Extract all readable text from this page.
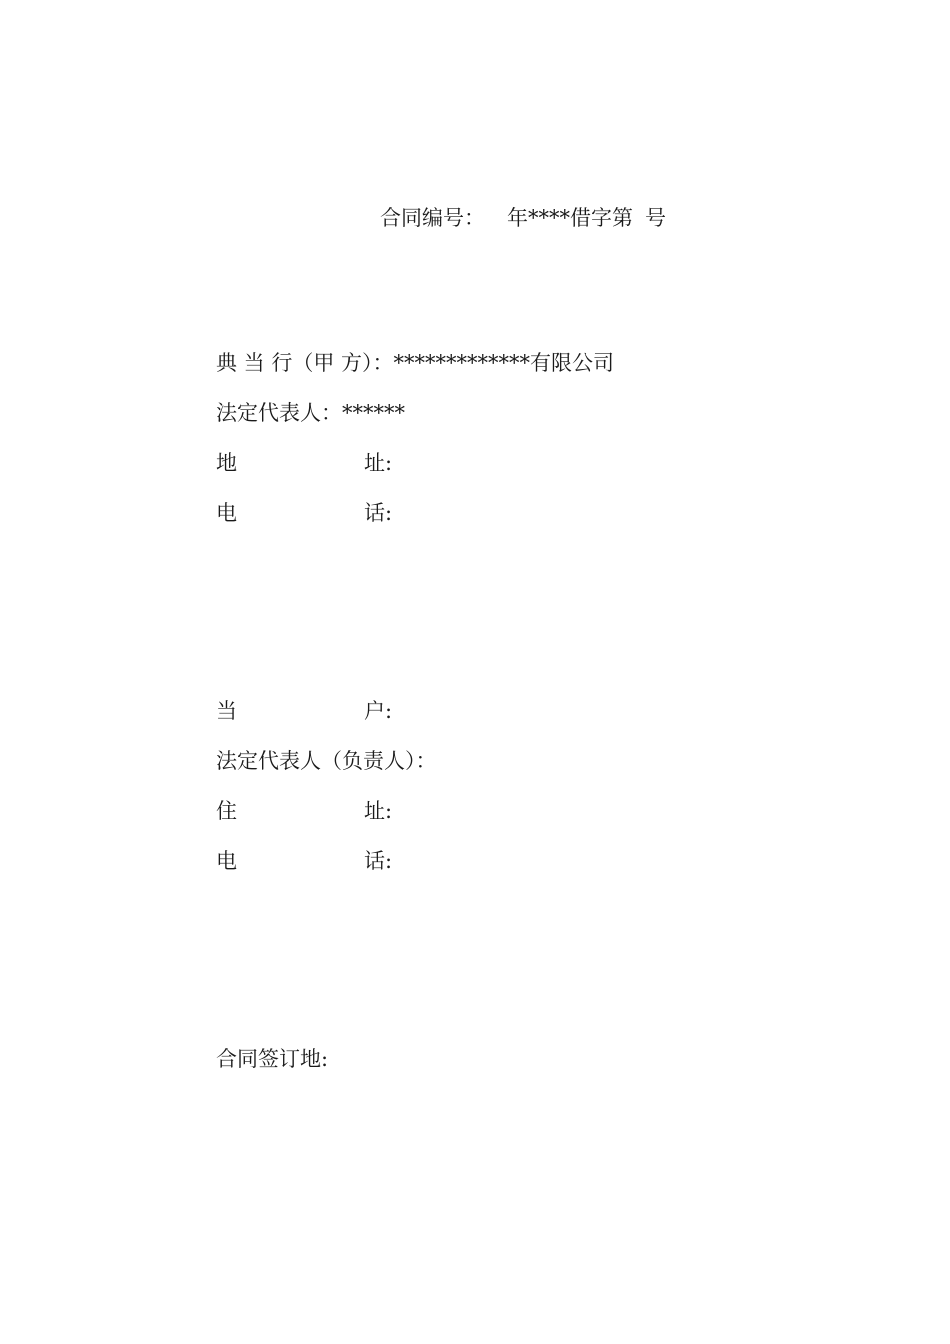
合同编号： 年****借字第 号
典 当 行（甲 方）：*************有限公司
法定代表人：******
地	址:
电	话:
当	户:
法定代表人（负责人）：
住	址:
电	话:
合同签订地:
